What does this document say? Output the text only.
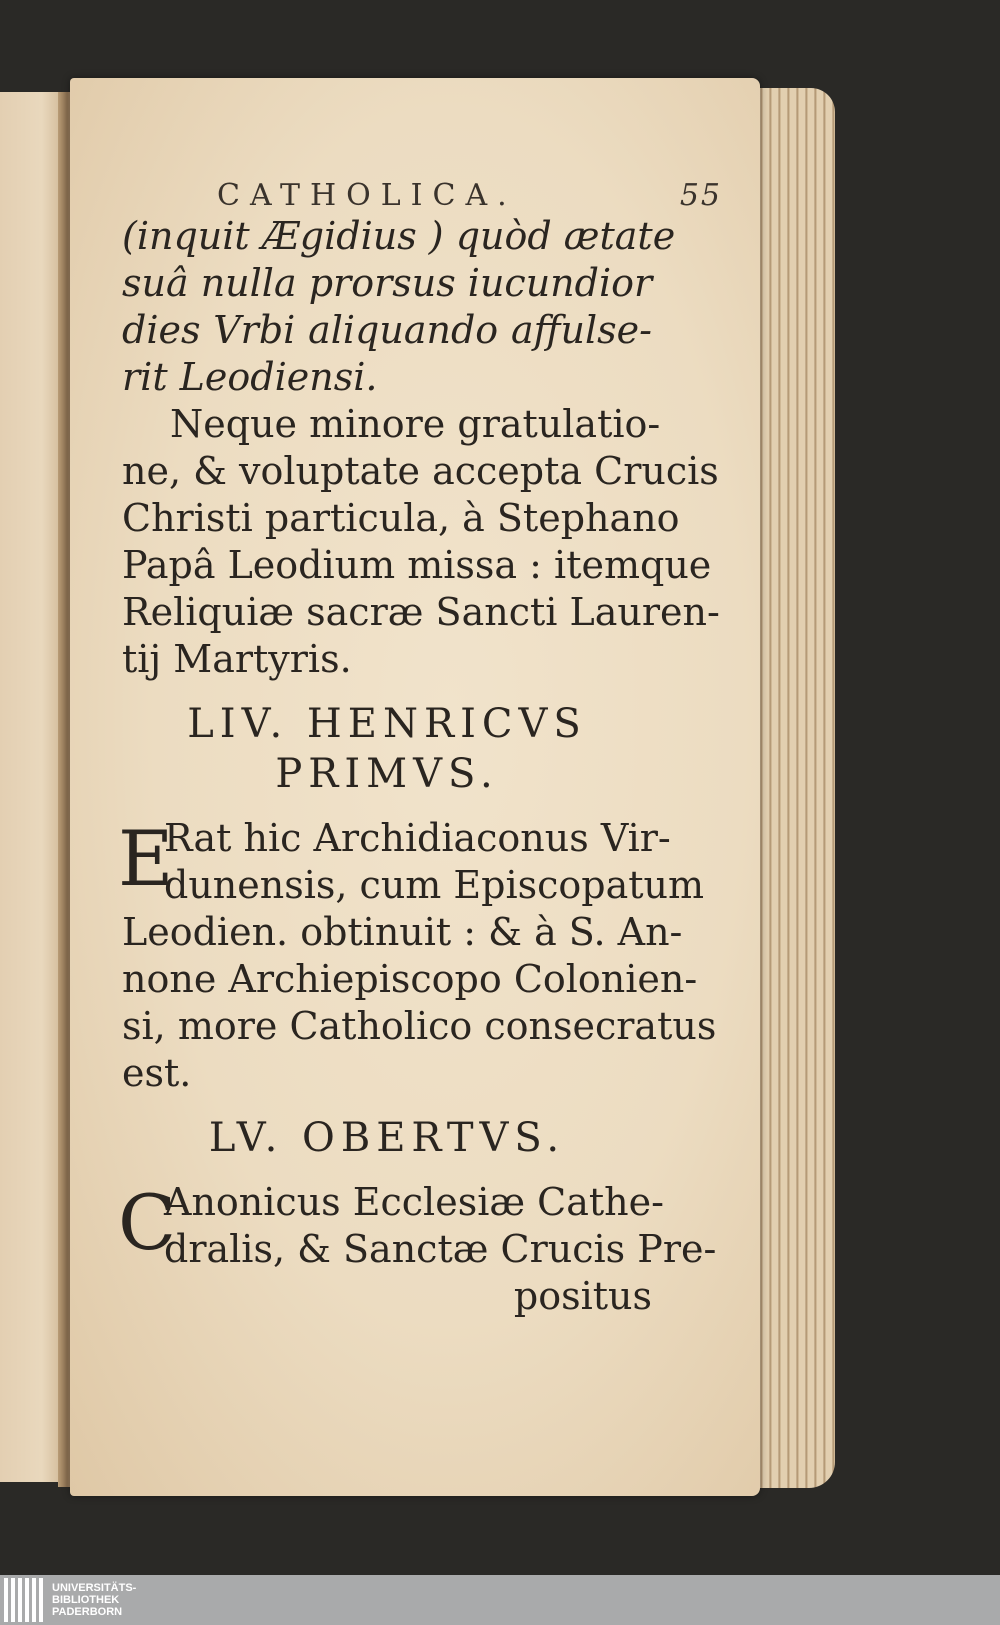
CATHOLICA.	55
(inquit Ægidius ) quòd ætate
suâ nulla prorsus iucundior
dies Vrbi aliquando affulse-
rit Leodiensi.
Neque minore gratulatio-
ne, & voluptate accepta Crucis
Christi particula, à Stephano
Papâ Leodium missa : itemque
Reliquiæ sacræ Sancti Lauren-
tij Martyris.
LIV. HENRICVS
PRIMVS.
E
Rat hic Archidiaconus Vir-
dunensis, cum Episcopatum
Leodien. obtinuit : & à S. An-
none Archiepiscopo Colonien-
si, more Catholico consecratus
est.
LV. OBERTVS.
C
Anonicus Ecclesiæ Cathe-
dralis, & Sanctæ Crucis Pre-
positus
UNIVERSITÄTS-
BIBLIOTHEK
PADERBORN
